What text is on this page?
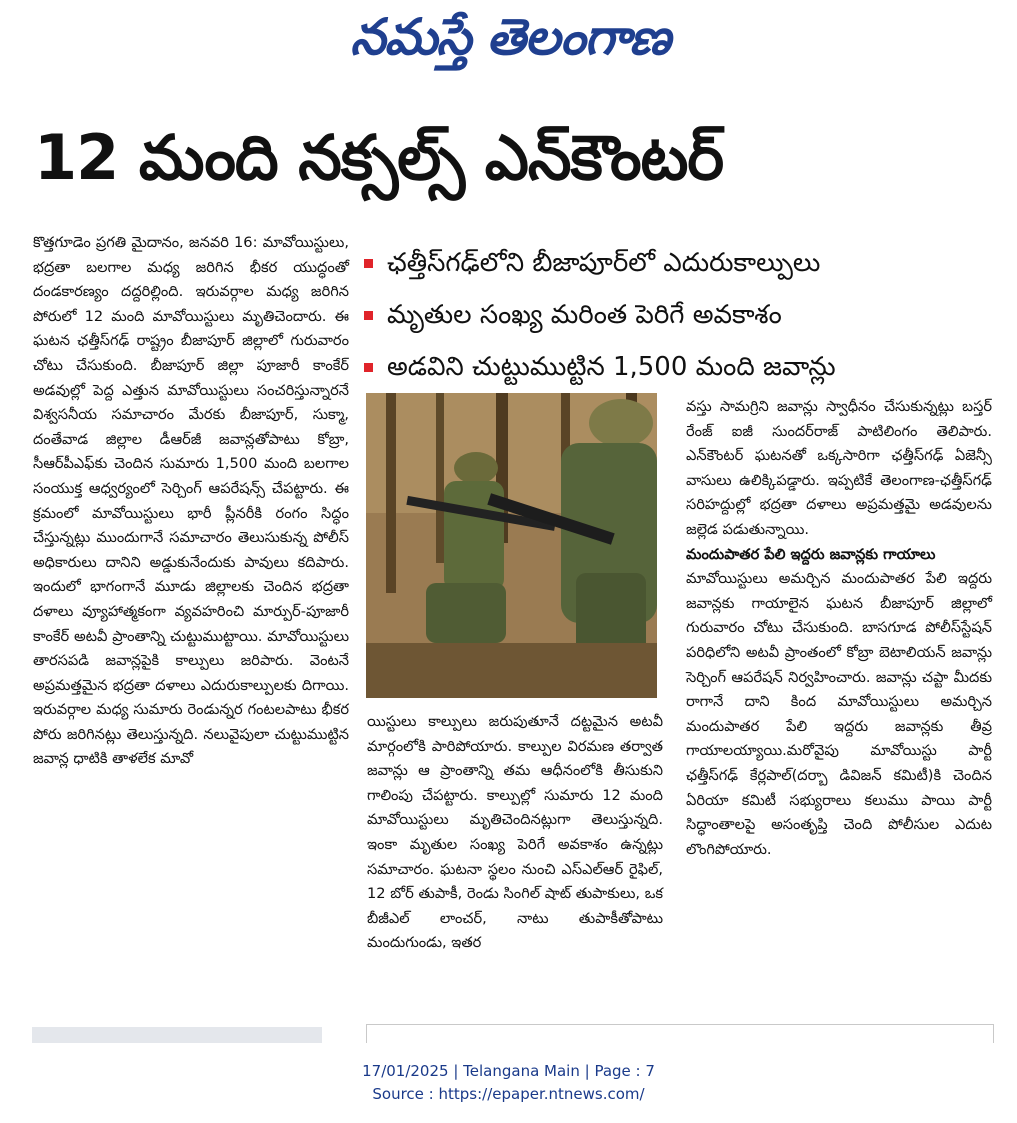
నమస్తే తెలంగాణ
12 మంది నక్సల్స్ ఎన్‌కౌంటర్
ఛత్తీస్‌గఢ్‌లోని బీజాపూర్‌లో ఎదురుకాల్పులు
మృతుల సంఖ్య మరింత పెరిగే అవకాశం
అడవిని చుట్టుముట్టిన 1,500 మంది జవాన్లు

కొత్తగూడెం ప్రగతి మైదానం, జనవరి 16: మావోయిస్టులు, భద్రతా బలగాల మధ్య జరిగిన భీకర యుద్ధంతో దండకారణ్యం దద్దరిల్లింది. ఇరువర్గాల మధ్య జరిగిన పోరులో 12 మంది మావోయిస్టులు మృతిచెందారు. ఈ ఘటన ఛత్తీస్‌గఢ్ రాష్ట్రం బీజాపూర్ జిల్లాలో గురువారం చోటు చేసుకుంది. బీజాపూర్ జిల్లా పూజారీ కాంకేర్ అడవుల్లో పెద్ద ఎత్తున మావోయిస్టులు సంచరిస్తున్నారనే విశ్వసనీయ సమాచారం మేరకు బీజాపూర్, సుక్మా, దంతేవాడ జిల్లాల డీఆర్‌జీ జవాన్లతోపాటు కోబ్రా, సీఆర్‌పీఎఫ్‌కు చెందిన సుమారు 1,500 మంది బలగాల సంయుక్త ఆధ్వర్యంలో సెర్చింగ్ ఆపరేషన్స్ చేపట్టారు. ఈ క్రమంలో మావోయిస్టులు భారీ ప్లీనరీకి రంగం సిద్ధం చేస్తున్నట్లు ముందుగానే సమాచారం తెలుసుకున్న పోలీస్ అధికారులు దానిని అడ్డుకునేందుకు పావులు కదిపారు. ఇందులో భాగంగానే మూడు జిల్లాలకు చెందిన భద్రతా దళాలు వ్యూహాత్మకంగా వ్యవహరించి మార్పుర్-పూజారీ కాంకేర్ అటవీ ప్రాంతాన్ని చుట్టుముట్టాయి. మావోయిస్టులు తారసపడి జవాన్లపైకి కాల్పులు జరిపారు. వెంటనే అప్రమత్తమైన భద్రతా దళాలు ఎదురుకాల్పులకు దిగాయి. ఇరువర్గాల మధ్య సుమారు రెండున్నర గంటలపాటు భీకర పోరు జరిగినట్లు తెలుస్తున్నది. నలువైపులా చుట్టుముట్టిన జవాన్ల ధాటికి తాళలేక మావో

యిస్టులు కాల్పులు జరుపుతూనే దట్టమైన అటవీ మార్గంలోకి పారిపోయారు. కాల్పుల విరమణ తర్వాత జవాన్లు ఆ ప్రాంతాన్ని తమ ఆధీనంలోకి తీసుకుని గాలింపు చేపట్టారు. కాల్పుల్లో సుమారు 12 మంది మావోయిస్టులు మృతిచెందినట్లుగా తెలుస్తున్నది. ఇంకా మృతుల సంఖ్య పెరిగే అవకాశం ఉన్నట్లు సమాచారం. ఘటనా స్థలం నుంచి ఎస్‌ఎల్‌ఆర్ రైఫిల్, 12 బోర్ తుపాకీ, రెండు సింగిల్ షాట్ తుపాకులు, ఒక బీజీఎల్ లాంచర్, నాటు తుపాకీతోపాటు మందుగుండు, ఇతర

వస్తు సామగ్రిని జవాన్లు స్వాధీనం చేసుకున్నట్లు బస్తర్ రేంజ్ ఐజీ సుందర్‌రాజ్ పాటిలింగం తెలిపారు. ఎన్‌కౌంటర్ ఘటనతో ఒక్కసారిగా ఛత్తీస్‌గఢ్ ఏజెన్సీ వాసులు ఉలిక్కిపడ్డారు. ఇప్పటికే తెలంగాణ-ఛత్తీస్‌గఢ్ సరిహద్దుల్లో భద్రతా దళాలు అప్రమత్తమై అడవులను జల్లెడ పడుతున్నాయి.
మందుపాతర పేలి ఇద్దరు జవాన్లకు గాయాలు
మావోయిస్టులు అమర్చిన మందుపాతర పేలి ఇద్దరు జవాన్లకు గాయాలైన ఘటన బీజాపూర్ జిల్లాలో గురువారం చోటు చేసుకుంది. బాసగూడ పోలీస్‌స్టేషన్ పరిధిలోని అటవీ ప్రాంతంలో కోబ్రా బెటాలియన్ జవాన్లు సెర్చింగ్ ఆపరేషన్ నిర్వహించారు. జవాన్లు చప్టా మీదకు రాగానే దాని కింద మావోయిస్టులు అమర్చిన మందుపాతర పేలి ఇద్దరు జవాన్లకు తీవ్ర గాయాలయ్యాయి.మరోవైపు మావోయిస్టు పార్టీ ఛత్తీస్‌గఢ్ కేర్లపాల్(దర్బా డివిజన్ కమిటీ)కి చెందిన ఏరియా కమిటీ సభ్యురాలు కలుము పాయి పార్టీ సిద్ధాంతాలపై అసంతృప్తి చెంది పోలీసుల ఎదుట లొంగిపోయారు.
17/01/2025 | Telangana Main | Page : 7
Source : https://epaper.ntnews.com/
